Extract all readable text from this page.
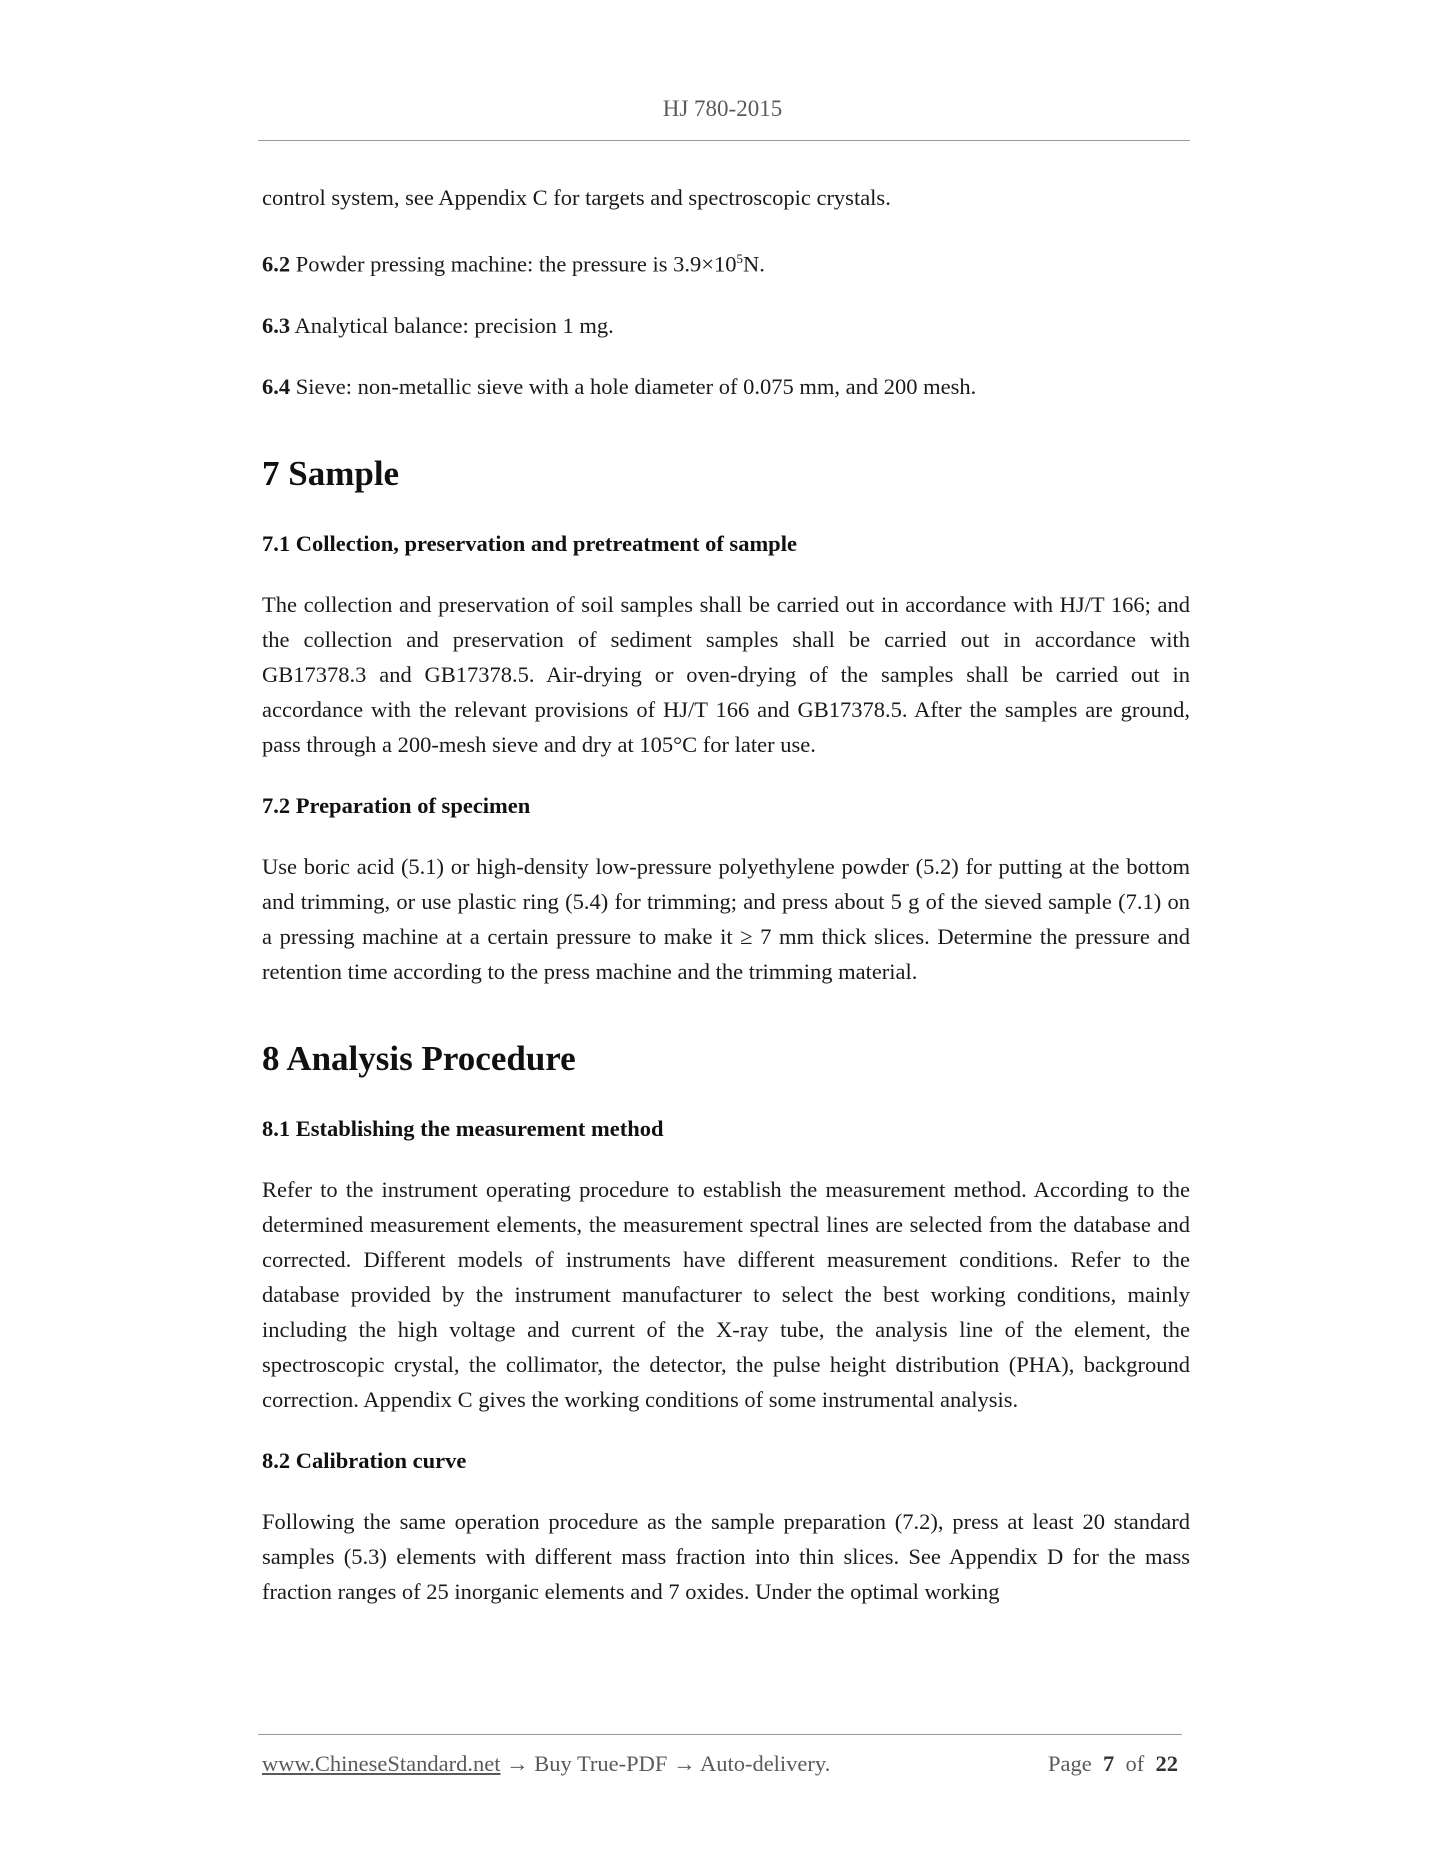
HJ 780-2015

control system, see Appendix C for targets and spectroscopic crystals.

6.2 Powder pressing machine: the pressure is $3.9\times 10^5N$.

6.3 Analytical balance: precision 1 mg.

6.4 Sieve: non-metallic sieve with a hole diameter of 0.075 mm, and 200 mesh.

7 Sample
7.1 Collection, preservation and pretreatment of sample

The collection and preservation of soil samples shall be carried out in accordance with HJ/T 166; and the collection and preservation of sediment samples shall be carried out in accordance with GB17378.3 and GB17378.5. Air-drying or oven-drying of the samples shall be carried out in accordance with the relevant provisions of HJ/T 166 and GB17378.5. After the samples are ground, pass through a 200-mesh sieve and dry at 105°C for later use.

7.2 Preparation of specimen

Use boric acid (5.1) or high-density low-pressure polyethylene powder (5.2) for putting at the bottom and trimming, or use plastic ring (5.4) for trimming; and press about 5 g of the sieved sample (7.1) on a pressing machine at a certain pressure to make it ≥ 7 mm thick slices. Determine the pressure and retention time according to the press machine and the trimming material.

8 Analysis Procedure
8.1 Establishing the measurement method

Refer to the instrument operating procedure to establish the measurement method. According to the determined measurement elements, the measurement spectral lines are selected from the database and corrected. Different models of instruments have different measurement conditions. Refer to the database provided by the instrument manufacturer to select the best working conditions, mainly including the high voltage and current of the X-ray tube, the analysis line of the element, the spectroscopic crystal, the collimator, the detector, the pulse height distribution (PHA), background correction. Appendix C gives the working conditions of some instrumental analysis.

8.2 Calibration curve

Following the same operation procedure as the sample preparation (7.2), press at least 20 standard samples (5.3) elements with different mass fraction into thin slices. See Appendix D for the mass fraction ranges of 25 inorganic elements and 7 oxides. Under the optimal working

www.ChineseStandard.net → Buy True-PDF → Auto-delivery.	Page 7 of 22
